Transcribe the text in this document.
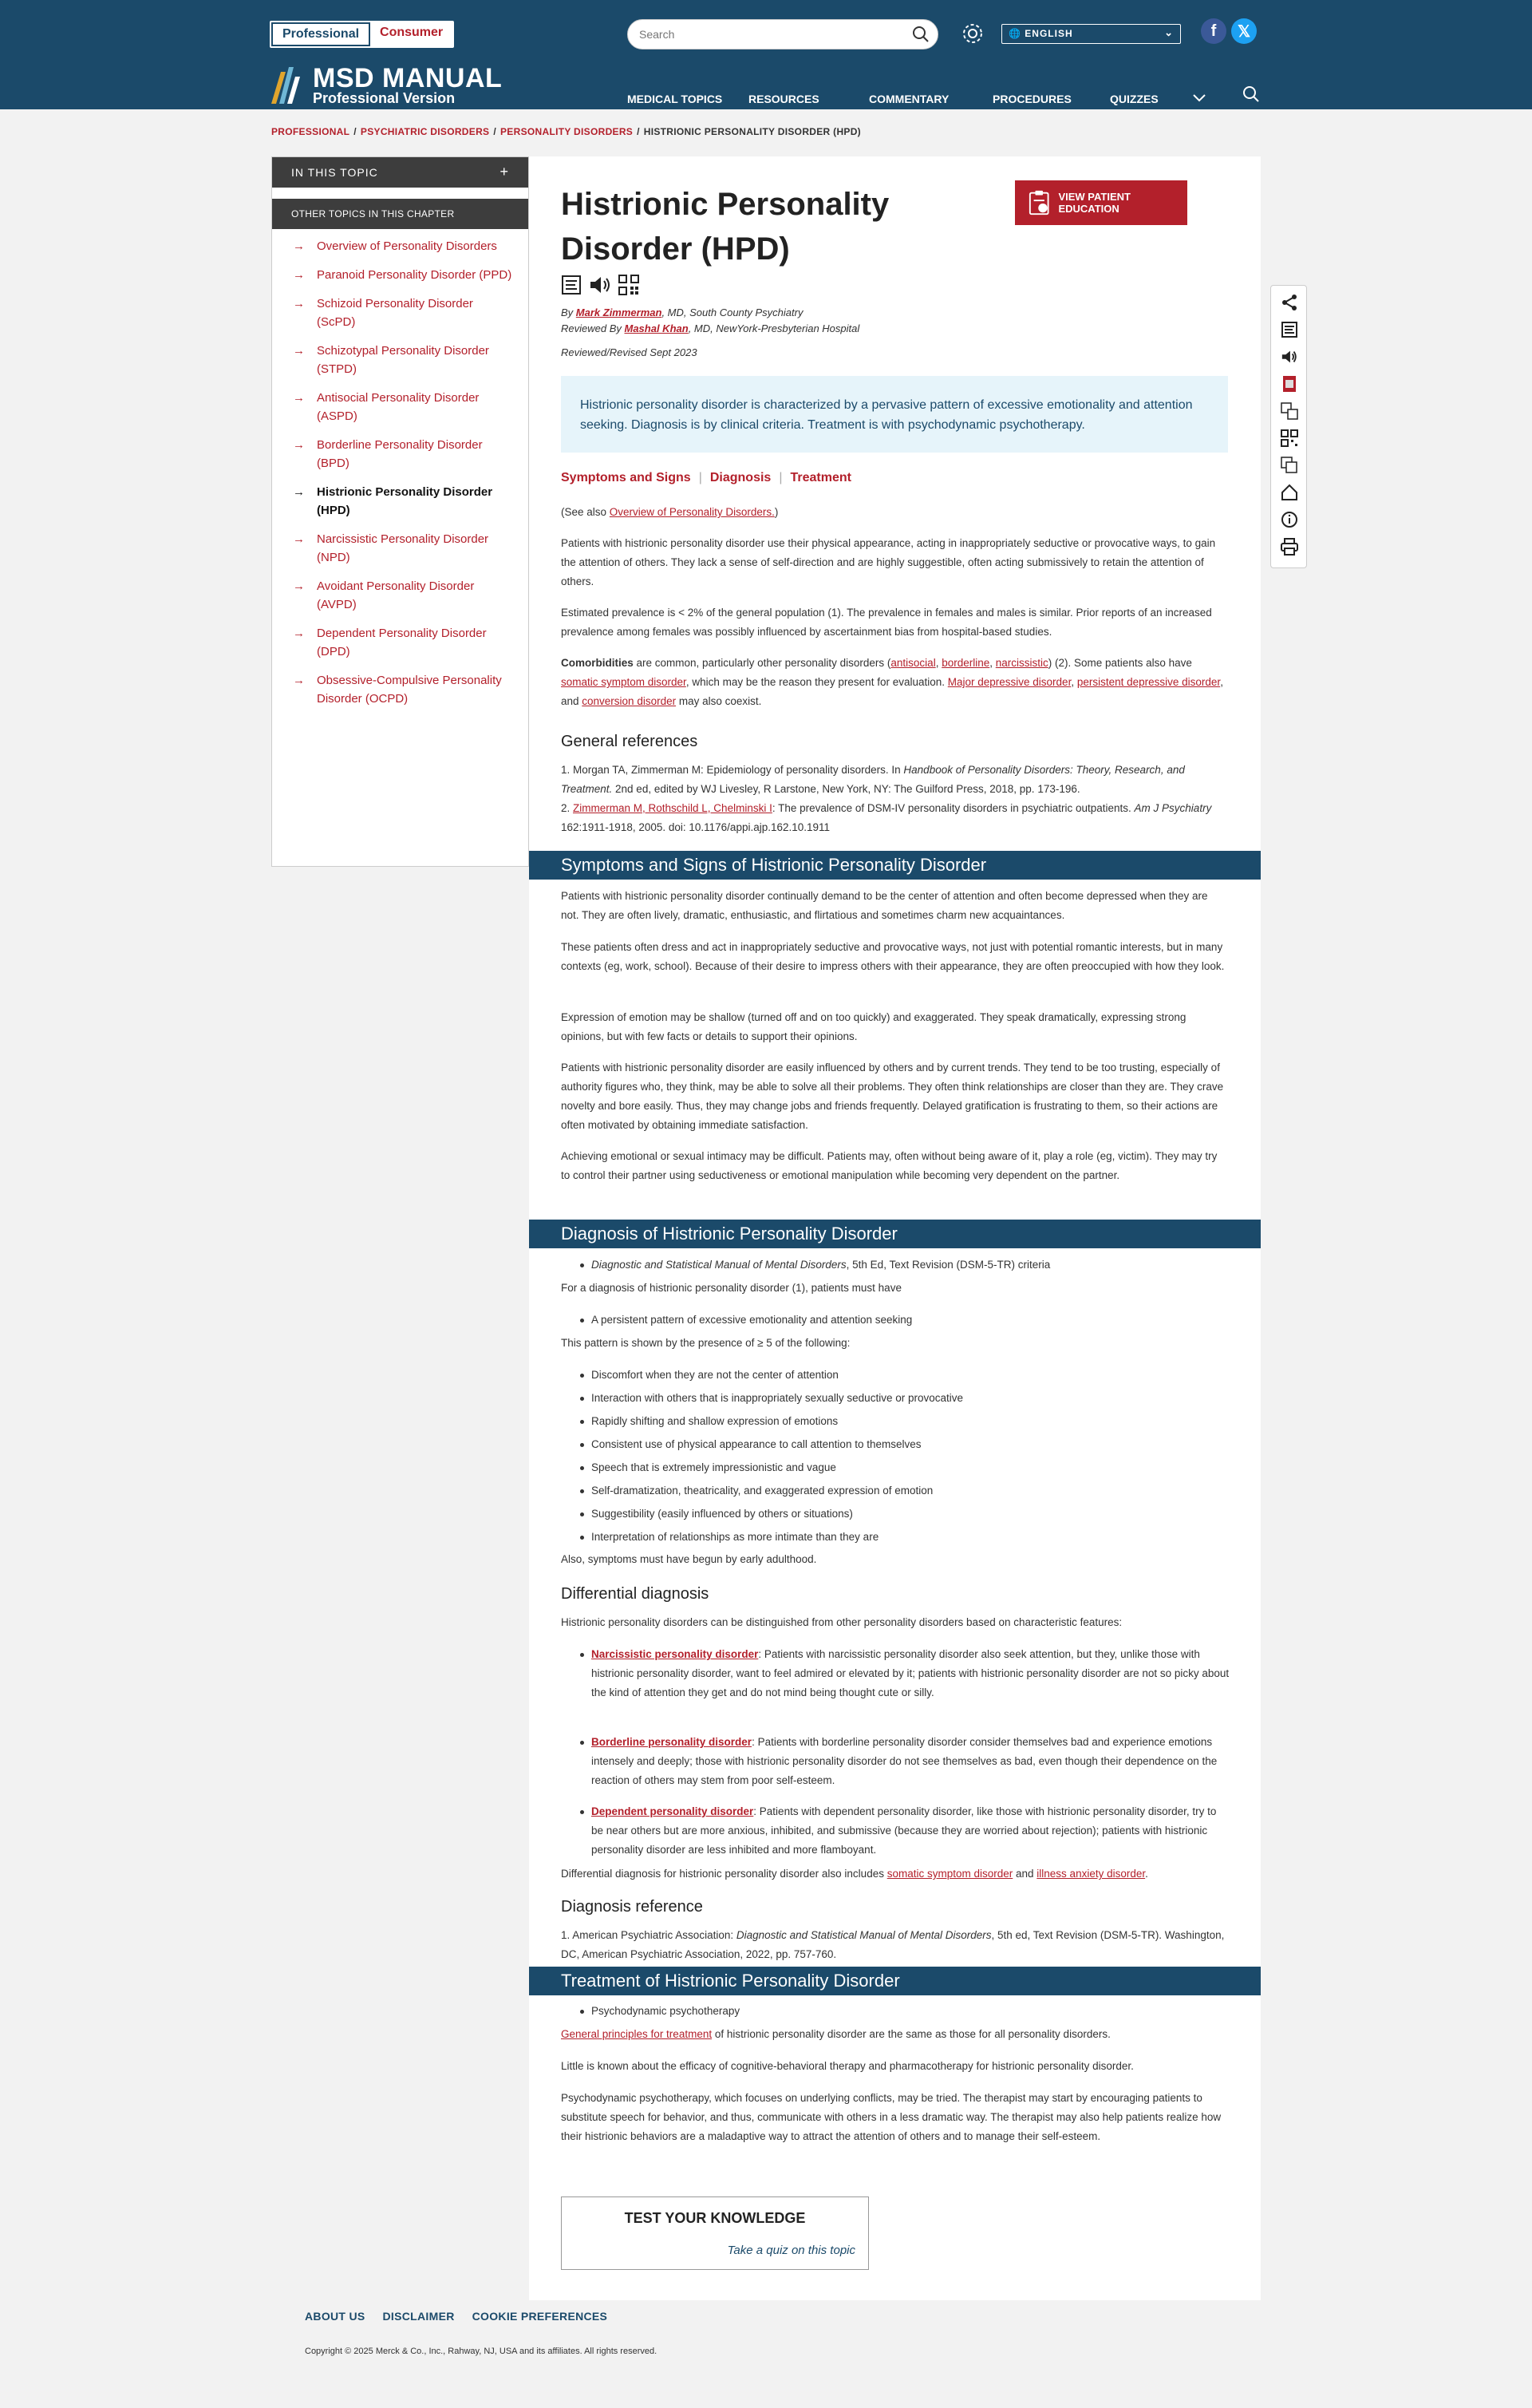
Professional	Consumer
Search	🌐 ENGLISH	⌄	f	𝕏
MSD MANUAL
Professional Version	MEDICAL TOPICS	RESOURCES	COMMENTARY	PROCEDURES	QUIZZES
PROFESSIONAL / PSYCHIATRIC DISORDERS / PERSONALITY DISORDERS / HISTRIONIC PERSONALITY DISORDER (HPD)
IN THIS TOPIC	+
OTHER TOPICS IN THIS CHAPTER
→ Overview of Personality Disorders
→ Paranoid Personality Disorder (PPD)
→ Schizoid Personality Disorder (ScPD)
→ Schizotypal Personality Disorder (STPD)
→ Antisocial Personality Disorder (ASPD)
→ Borderline Personality Disorder (BPD)
→ Histrionic Personality Disorder (HPD)
→ Narcissistic Personality Disorder (NPD)
→ Avoidant Personality Disorder (AVPD)
→ Dependent Personality Disorder (DPD)
→ Obsessive-Compulsive Personality Disorder (OCPD)
Histrionic Personality Disorder (HPD)
VIEW PATIENT EDUCATION
By Mark Zimmerman, MD, South County Psychiatry
Reviewed By Mashal Khan, MD, NewYork-Presbyterian Hospital
Reviewed/Revised Sept 2023
Histrionic personality disorder is characterized by a pervasive pattern of excessive emotionality and attention seeking. Diagnosis is by clinical criteria. Treatment is with psychodynamic psychotherapy.
Symptoms and Signs | Diagnosis | Treatment

(See also Overview of Personality Disorders.)

Patients with histrionic personality disorder use their physical appearance, acting in inappropriately seductive or provocative ways, to gain the attention of others. They lack a sense of self-direction and are highly suggestible, often acting submissively to retain the attention of others.

Estimated prevalence is < 2% of the general population (1). The prevalence in females and males is similar. Prior reports of an increased prevalence among females was possibly influenced by ascertainment bias from hospital-based studies.

Comorbidities are common, particularly other personality disorders (antisocial, borderline, narcissistic) (2). Some patients also have somatic symptom disorder, which may be the reason they present for evaluation. Major depressive disorder, persistent depressive disorder, and conversion disorder may also coexist.

General references

1. Morgan TA, Zimmerman M: Epidemiology of personality disorders. In Handbook of Personality Disorders: Theory, Research, and Treatment. 2nd ed, edited by WJ Livesley, R Larstone, New York, NY: The Guilford Press, 2018, pp. 173-196.

2. Zimmerman M, Rothschild L, Chelminski I: The prevalence of DSM-IV personality disorders in psychiatric outpatients. Am J Psychiatry 162:1911-1918, 2005. doi: 10.1176/appi.ajp.162.10.1911

Symptoms and Signs of Histrionic Personality Disorder

Patients with histrionic personality disorder continually demand to be the center of attention and often become depressed when they are not. They are often lively, dramatic, enthusiastic, and flirtatious and sometimes charm new acquaintances.

These patients often dress and act in inappropriately seductive and provocative ways, not just with potential romantic interests, but in many contexts (eg, work, school). Because of their desire to impress others with their appearance, they are often preoccupied with how they look.

Expression of emotion may be shallow (turned off and on too quickly) and exaggerated. They speak dramatically, expressing strong opinions, but with few facts or details to support their opinions.

Patients with histrionic personality disorder are easily influenced by others and by current trends. They tend to be too trusting, especially of authority figures who, they think, may be able to solve all their problems. They often think relationships are closer than they are. They crave novelty and bore easily. Thus, they may change jobs and friends frequently. Delayed gratification is frustrating to them, so their actions are often motivated by obtaining immediate satisfaction.

Achieving emotional or sexual intimacy may be difficult. Patients may, often without being aware of it, play a role (eg, victim). They may try to control their partner using seductiveness or emotional manipulation while becoming very dependent on the partner.

Diagnosis of Histrionic Personality Disorder
Diagnostic and Statistical Manual of Mental Disorders, 5th Ed, Text Revision (DSM-5-TR) criteria

For a diagnosis of histrionic personality disorder (1), patients must have

A persistent pattern of excessive emotionality and attention seeking

This pattern is shown by the presence of ≥ 5 of the following:

Discomfort when they are not the center of attention
Interaction with others that is inappropriately sexually seductive or provocative
Rapidly shifting and shallow expression of emotions
Consistent use of physical appearance to call attention to themselves
Speech that is extremely impressionistic and vague
Self-dramatization, theatricality, and exaggerated expression of emotion
Suggestibility (easily influenced by others or situations)
Interpretation of relationships as more intimate than they are

Also, symptoms must have begun by early adulthood.

Differential diagnosis

Histrionic personality disorders can be distinguished from other personality disorders based on characteristic features:

Narcissistic personality disorder: Patients with narcissistic personality disorder also seek attention, but they, unlike those with histrionic personality disorder, want to feel admired or elevated by it; patients with histrionic personality disorder are not so picky about the kind of attention they get and do not mind being thought cute or silly.
Borderline personality disorder: Patients with borderline personality disorder consider themselves bad and experience emotions intensely and deeply; those with histrionic personality disorder do not see themselves as bad, even though their dependence on the reaction of others may stem from poor self-esteem.
Dependent personality disorder: Patients with dependent personality disorder, like those with histrionic personality disorder, try to be near others but are more anxious, inhibited, and submissive (because they are worried about rejection); patients with histrionic personality disorder are less inhibited and more flamboyant.

Differential diagnosis for histrionic personality disorder also includes somatic symptom disorder and illness anxiety disorder.

Diagnosis reference

1. American Psychiatric Association: Diagnostic and Statistical Manual of Mental Disorders, 5th ed, Text Revision (DSM-5-TR). Washington, DC, American Psychiatric Association, 2022, pp. 757-760.

Treatment of Histrionic Personality Disorder
Psychodynamic psychotherapy

General principles for treatment of histrionic personality disorder are the same as those for all personality disorders.

Little is known about the efficacy of cognitive-behavioral therapy and pharmacotherapy for histrionic personality disorder.

Psychodynamic psychotherapy, which focuses on underlying conflicts, may be tried. The therapist may start by encouraging patients to substitute speech for behavior, and thus, communicate with others in a less dramatic way. The therapist may also help patients realize how their histrionic behaviors are a maladaptive way to attract the attention of others and to manage their self-esteem.

TEST YOUR KNOWLEDGE
Take a quiz on this topic
ABOUT US DISCLAIMER COOKIE PREFERENCES
Copyright © 2025 Merck & Co., Inc., Rahway, NJ, USA and its affiliates. All rights reserved.
